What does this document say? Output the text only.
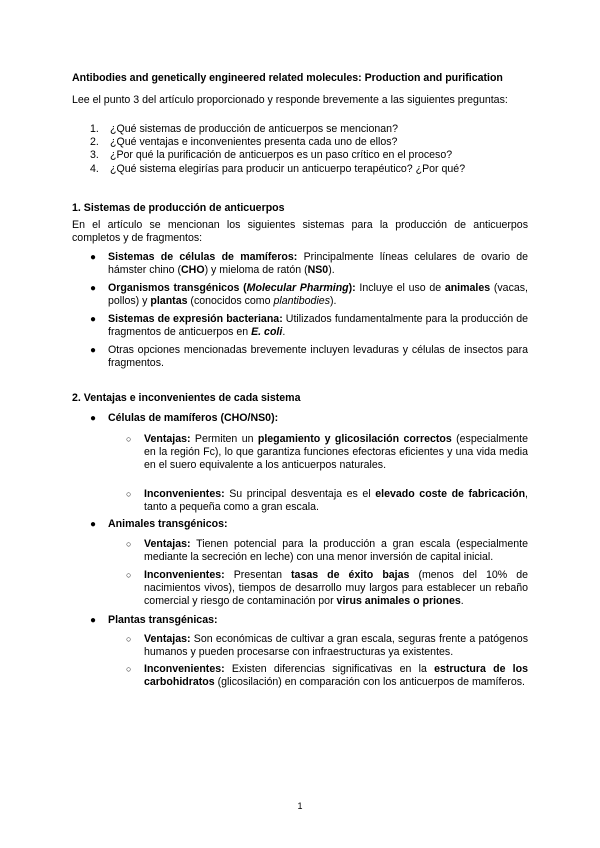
Antibodies and genetically engineered related molecules: Production and purification
Lee el punto 3 del artículo proporcionado y responde brevemente a las siguientes preguntas:
1. ¿Qué sistemas de producción de anticuerpos se mencionan?
2. ¿Qué ventajas e inconvenientes presenta cada uno de ellos?
3. ¿Por qué la purificación de anticuerpos es un paso crítico en el proceso?
4. ¿Qué sistema elegirías para producir un anticuerpo terapéutico? ¿Por qué?
1. Sistemas de producción de anticuerpos
En el artículo se mencionan los siguientes sistemas para la producción de anticuerpos completos y de fragmentos:
● Sistemas de células de mamíferos: Principalmente líneas celulares de ovario de hámster chino (CHO) y mieloma de ratón (NS0).
● Organismos transgénicos (Molecular Pharming): Incluye el uso de animales (vacas, pollos) y plantas (conocidos como plantibodies).
● Sistemas de expresión bacteriana: Utilizados fundamentalmente para la producción de fragmentos de anticuerpos en E. coli.
● Otras opciones mencionadas brevemente incluyen levaduras y células de insectos para fragmentos.
2. Ventajas e inconvenientes de cada sistema
● Células de mamíferos (CHO/NS0):
○ Ventajas: Permiten un plegamiento y glicosilación correctos (especialmente en la región Fc), lo que garantiza funciones efectoras eficientes y una vida media en el suero equivalente a los anticuerpos naturales.
○ Inconvenientes: Su principal desventaja es el elevado coste de fabricación, tanto a pequeña como a gran escala.
● Animales transgénicos:
○ Ventajas: Tienen potencial para la producción a gran escala (especialmente mediante la secreción en leche) con una menor inversión de capital inicial.
○ Inconvenientes: Presentan tasas de éxito bajas (menos del 10% de nacimientos vivos), tiempos de desarrollo muy largos para establecer un rebaño comercial y riesgo de contaminación por virus animales o priones.
● Plantas transgénicas:
○ Ventajas: Son económicas de cultivar a gran escala, seguras frente a patógenos humanos y pueden procesarse con infraestructuras ya existentes.
○ Inconvenientes: Existen diferencias significativas en la estructura de los carbohidratos (glicosilación) en comparación con los anticuerpos de mamíferos.
1
